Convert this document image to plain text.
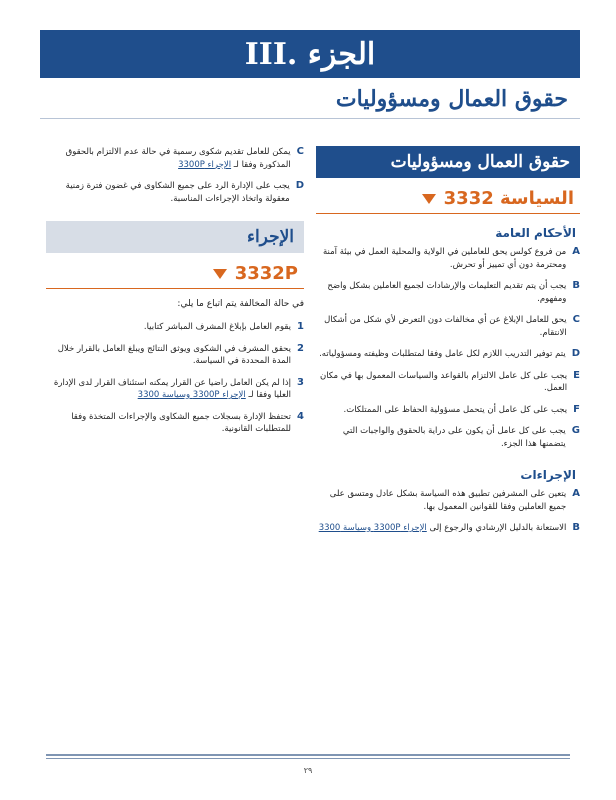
III. ﺍﻟﺠﺰﺀ
ﺣﻘﻮﻕ ﺍﻟﻌﻤﺎﻝ ﻭﻣﺴﺆﻭﻟﻴﺎﺕ
ﺣﻘﻮﻕ ﺍﻟﻌﻤﺎﻝ ﻭﻣﺴﺆﻭﻟﻴﺎﺕ
ﺍﻟﺴﻴﺎﺳﺔ 3332
ﺍﻷﺣﻜﺎﻡ ﺍﻟﻌﺎﻣﺔ
A
ﻣﻦ ﻓﺮﻭﻉ ﻛﻮﻟﺲ ﻳﺤﻖ ﻟﻠﻌﺎﻣﻠﻴﻦ ﻓﻲ ﺍﻟﻮﻻﻳﺔ ﻭﺍﻟﻤﺤﻠﻴﺔ ﺍﻟﻌﻤﻞ ﻓﻲ ﺑﻴﺌﺔ ﺁﻣﻨﺔ ﻭﻣﺤﺘﺮﻣﺔ ﺩﻭﻥ ﺃﻱ ﺗﻤﻴﻴﺰ ﺃﻭ ﺗﺤﺮﺵ.
B
ﻳﺠﺐ ﺃﻥ ﻳﺘﻢ ﺗﻘﺪﻳﻢ ﺍﻟﺘﻌﻠﻴﻤﺎﺕ ﻭﺍﻹﺭﺷﺎﺩﺍﺕ ﻟﺠﻤﻴﻊ ﺍﻟﻌﺎﻣﻠﻴﻦ ﺑﺸﻜﻞ ﻭﺍﺿﺢ ﻭﻣﻔﻬﻮﻡ.
C
ﻳﺤﻖ ﻟﻠﻌﺎﻣﻞ ﺍﻹﺑﻼﻍ ﻋﻦ ﺃﻱ ﻣﺨﺎﻟﻔﺎﺕ ﺩﻭﻥ ﺍﻟﺘﻌﺮﺽ ﻷﻱ ﺷﻜﻞ ﻣﻦ ﺃﺷﻜﺎﻝ ﺍﻻﻧﺘﻘﺎﻡ.
D
ﻳﺘﻢ ﺗﻮﻓﻴﺮ ﺍﻟﺘﺪﺭﻳﺐ ﺍﻟﻼﺯﻡ ﻟﻜﻞ ﻋﺎﻣﻞ ﻭﻓﻘﺎ ﻟﻤﺘﻄﻠﺒﺎﺕ ﻭﻇﻴﻔﺘﻪ ﻭﻣﺴﺆﻭﻟﻴﺎﺗﻪ.
E
ﻳﺠﺐ ﻋﻠﻰ ﻛﻞ ﻋﺎﻣﻞ ﺍﻻﻟﺘﺰﺍﻡ ﺑﺎﻟﻘﻮﺍﻋﺪ ﻭﺍﻟﺴﻴﺎﺳﺎﺕ ﺍﻟﻤﻌﻤﻮﻝ ﺑﻬﺎ ﻓﻲ ﻣﻜﺎﻥ ﺍﻟﻌﻤﻞ.
F
ﻳﺠﺐ ﻋﻠﻰ ﻛﻞ ﻋﺎﻣﻞ ﺃﻥ ﻳﺘﺤﻤﻞ ﻣﺴﺆﻭﻟﻴﺔ ﺍﻟﺤﻔﺎﻅ ﻋﻠﻰ ﺍﻟﻤﻤﺘﻠﻜﺎﺕ.
G
ﻳﺠﺐ ﻋﻠﻰ ﻛﻞ ﻋﺎﻣﻞ ﺃﻥ ﻳﻜﻮﻥ ﻋﻠﻰ ﺩﺭﺍﻳﺔ ﺑﺎﻟﺤﻘﻮﻕ ﻭﺍﻟﻮﺍﺟﺒﺎﺕ ﺍﻟﺘﻲ ﻳﺘﻀﻤﻨﻬﺎ ﻫﺬﺍ ﺍﻟﺠﺰﺀ.
ﺍﻹﺟﺮﺍﺀﺍﺕ
A
ﻳﺘﻌﻴﻦ ﻋﻠﻰ ﺍﻟﻤﺸﺮﻓﻴﻦ ﺗﻄﺒﻴﻖ ﻫﺬﻩ ﺍﻟﺴﻴﺎﺳﺔ ﺑﺸﻜﻞ ﻋﺎﺩﻝ ﻭﻣﺘﺴﻖ ﻋﻠﻰ ﺟﻤﻴﻊ ﺍﻟﻌﺎﻣﻠﻴﻦ ﻭﻓﻘﺎ ﻟﻠﻘﻮﺍﻧﻴﻦ ﺍﻟﻤﻌﻤﻮﻝ ﺑﻬﺎ.
B
ﺍﻻﺳﺘﻌﺎﻧﺔ ﺑﺎﻟﺪﻟﻴﻞ ﺍﻹﺭﺷﺎﺩﻱ ﻭﺍﻟﺮﺟﻮﻉ ﺇﻟﻰ ﺍﻹﺟﺮﺍﺀ 3300P ﻭﺳﻴﺎﺳﺔ 3300
C
ﻳﻤﻜﻦ ﻟﻠﻌﺎﻣﻞ ﺗﻘﺪﻳﻢ ﺷﻜﻮﻯ ﺭﺳﻤﻴﺔ ﻓﻲ ﺣﺎﻟﺔ ﻋﺪﻡ ﺍﻻﻟﺘﺰﺍﻡ ﺑﺎﻟﺤﻘﻮﻕ ﺍﻟﻤﺬﻛﻮﺭﺓ ﻭﻓﻘﺎ ﻟـ ﺍﻹﺟﺮﺍﺀ 3300P
D
ﻳﺠﺐ ﻋﻠﻰ ﺍﻹﺩﺍﺭﺓ ﺍﻟﺮﺩ ﻋﻠﻰ ﺟﻤﻴﻊ ﺍﻟﺸﻜﺎﻭﻯ ﻓﻲ ﻏﻀﻮﻥ ﻓﺘﺮﺓ ﺯﻣﻨﻴﺔ ﻣﻌﻘﻮﻟﺔ ﻭﺍﺗﺨﺎﺫ ﺍﻹﺟﺮﺍﺀﺍﺕ ﺍﻟﻤﻨﺎﺳﺒﺔ.
ﺍﻹﺟﺮﺍﺀ
3332P
ﻓﻲ ﺣﺎﻟﺔ ﺍﻟﻤﺨﺎﻟﻔﺔ ﻳﺘﻢ ﺍﺗﺒﺎﻉ ﻣﺎ ﻳﻠﻲ:
1
ﻳﻘﻮﻡ ﺍﻟﻌﺎﻣﻞ ﺑﺈﺑﻼﻍ ﺍﻟﻤﺸﺮﻑ ﺍﻟﻤﺒﺎﺷﺮ ﻛﺘﺎﺑﻴﺎ.
2
ﻳﺤﻘﻖ ﺍﻟﻤﺸﺮﻑ ﻓﻲ ﺍﻟﺸﻜﻮﻯ ﻭﻳﻮﺛﻖ ﺍﻟﻨﺘﺎﺋﺞ ﻭﻳﺒﻠﻎ ﺍﻟﻌﺎﻣﻞ ﺑﺎﻟﻘﺮﺍﺭ ﺧﻼﻝ ﺍﻟﻤﺪﺓ ﺍﻟﻤﺤﺪﺩﺓ ﻓﻲ ﺍﻟﺴﻴﺎﺳﺔ.
3
ﺇﺫﺍ ﻟﻢ ﻳﻜﻦ ﺍﻟﻌﺎﻣﻞ ﺭﺍﺿﻴﺎ ﻋﻦ ﺍﻟﻘﺮﺍﺭ ﻳﻤﻜﻨﻪ ﺍﺳﺘﺌﻨﺎﻑ ﺍﻟﻘﺮﺍﺭ ﻟﺪﻯ ﺍﻹﺩﺍﺭﺓ ﺍﻟﻌﻠﻴﺎ ﻭﻓﻘﺎ ﻟـ ﺍﻹﺟﺮﺍﺀ 3300P ﻭﺳﻴﺎﺳﺔ 3300
4
ﺗﺤﺘﻔﻆ ﺍﻹﺩﺍﺭﺓ ﺑﺴﺠﻼﺕ ﺟﻤﻴﻊ ﺍﻟﺸﻜﺎﻭﻯ ﻭﺍﻹﺟﺮﺍﺀﺍﺕ ﺍﻟﻤﺘﺨﺬﺓ ﻭﻓﻘﺎ ﻟﻠﻤﺘﻄﻠﺒﺎﺕ ﺍﻟﻘﺎﻧﻮﻧﻴﺔ.
٢٩
